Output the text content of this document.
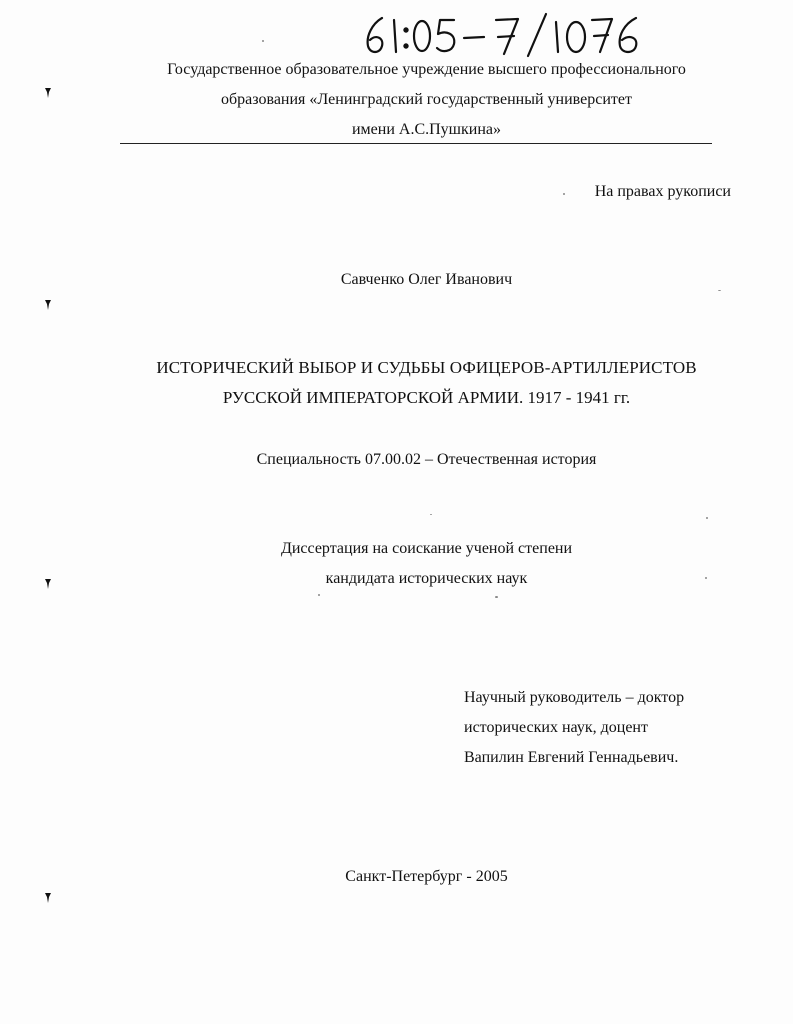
Государственное образовательное учреждение высшего профессионального
образования «Ленинградский государственный университет
имени А.С.Пушкина»
На правах рукописи
Савченко Олег Иванович
ИСТОРИЧЕСКИЙ ВЫБОР И СУДЬБЫ ОФИЦЕРОВ-АРТИЛЛЕРИСТОВ
РУССКОЙ ИМПЕРАТОРСКОЙ АРМИИ. 1917 - 1941 гг.
Специальность 07.00.02 – Отечественная история
Диссертация на соискание ученой степени
кандидата исторических наук
Научный руководитель – доктор
исторических наук, доцент
Вапилин Евгений Геннадьевич.
Санкт-Петербург - 2005
